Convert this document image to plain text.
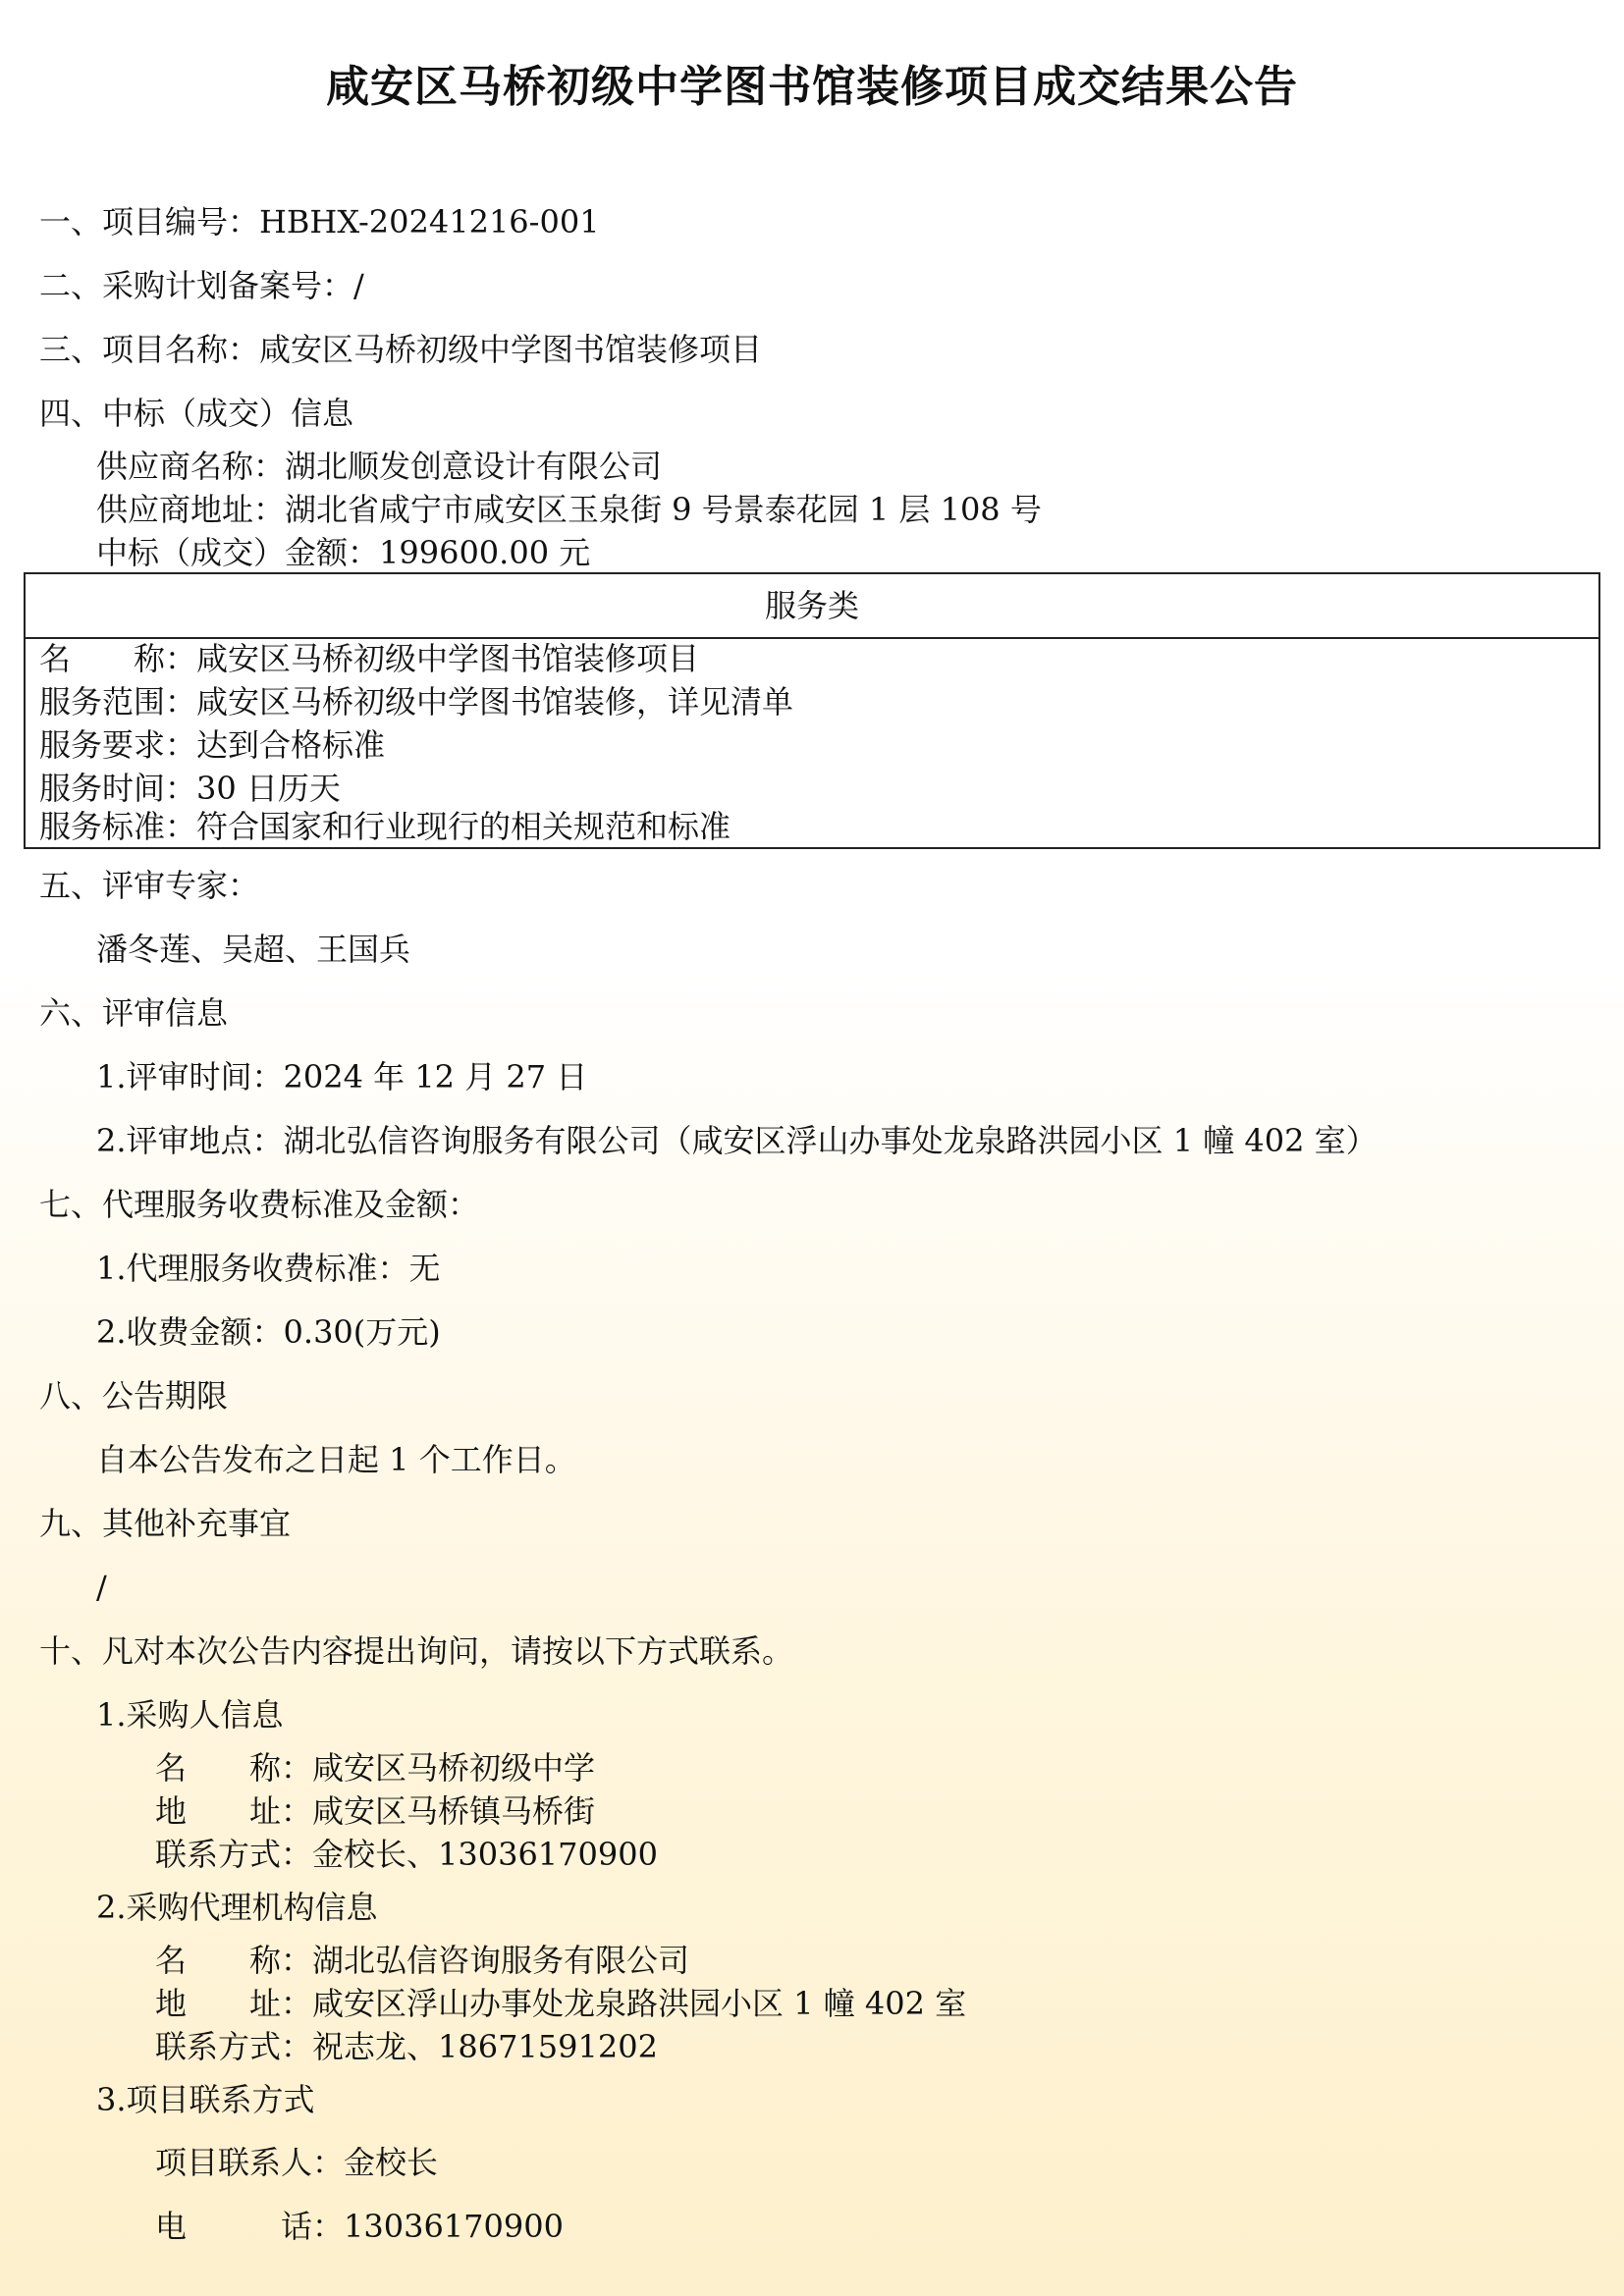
咸安区马桥初级中学图书馆装修项目成交结果公告
一、项目编号：HBHX-20241216-001
二、采购计划备案号：/
三、项目名称：咸安区马桥初级中学图书馆装修项目
四、中标（成交）信息
供应商名称：湖北顺发创意设计有限公司
供应商地址：湖北省咸宁市咸安区玉泉街 9 号景泰花园 1 层 108 号
中标（成交）金额：199600.00 元
服务类
名　　称：咸安区马桥初级中学图书馆装修项目
服务范围：咸安区马桥初级中学图书馆装修，详见清单
服务要求：达到合格标准
服务时间：30 日历天
服务标准：符合国家和行业现行的相关规范和标准
五、评审专家：
潘冬莲、吴超、王国兵
六、评审信息
1.评审时间：2024 年 12 月 27 日
2.评审地点：湖北弘信咨询服务有限公司（咸安区浮山办事处龙泉路洪园小区 1 幢 402 室）
七、代理服务收费标准及金额：
1.代理服务收费标准：无
2.收费金额：0.30(万元)
八、公告期限
自本公告发布之日起 1 个工作日。
九、其他补充事宜
/
十、凡对本次公告内容提出询问，请按以下方式联系。
1.采购人信息
名　　称：咸安区马桥初级中学
地　　址：咸安区马桥镇马桥街
联系方式：金校长、13036170900
2.采购代理机构信息
名　　称：湖北弘信咨询服务有限公司
地　　址：咸安区浮山办事处龙泉路洪园小区 1 幢 402 室
联系方式：祝志龙、18671591202
3.项目联系方式
项目联系人：金校长
电　　　话：13036170900
